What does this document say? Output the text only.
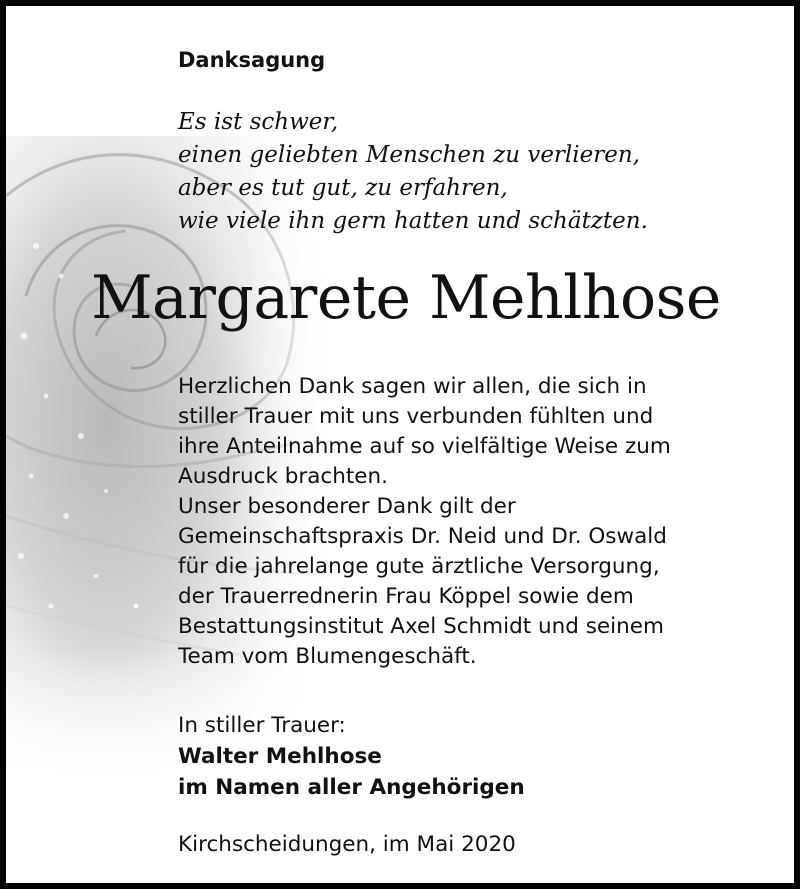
Danksagung
Es ist schwer,
einen geliebten Menschen zu verlieren,
aber es tut gut, zu erfahren,
wie viele ihn gern hatten und schätzten.
Margarete Mehlhose
Herzlichen Dank sagen wir allen, die sich in
stiller Trauer mit uns verbunden fühlten und
ihre Anteilnahme auf so vielfältige Weise zum
Ausdruck brachten.
Unser besonderer Dank gilt der
Gemeinschaftspraxis Dr. Neid und Dr. Oswald
für die jahrelange gute ärztliche Versorgung,
der Trauerrednerin Frau Köppel sowie dem
Bestattungsinstitut Axel Schmidt und seinem
Team vom Blumengeschäft.
In stiller Trauer:
Walter Mehlhose
im Namen aller Angehörigen
Kirchscheidungen, im Mai 2020
